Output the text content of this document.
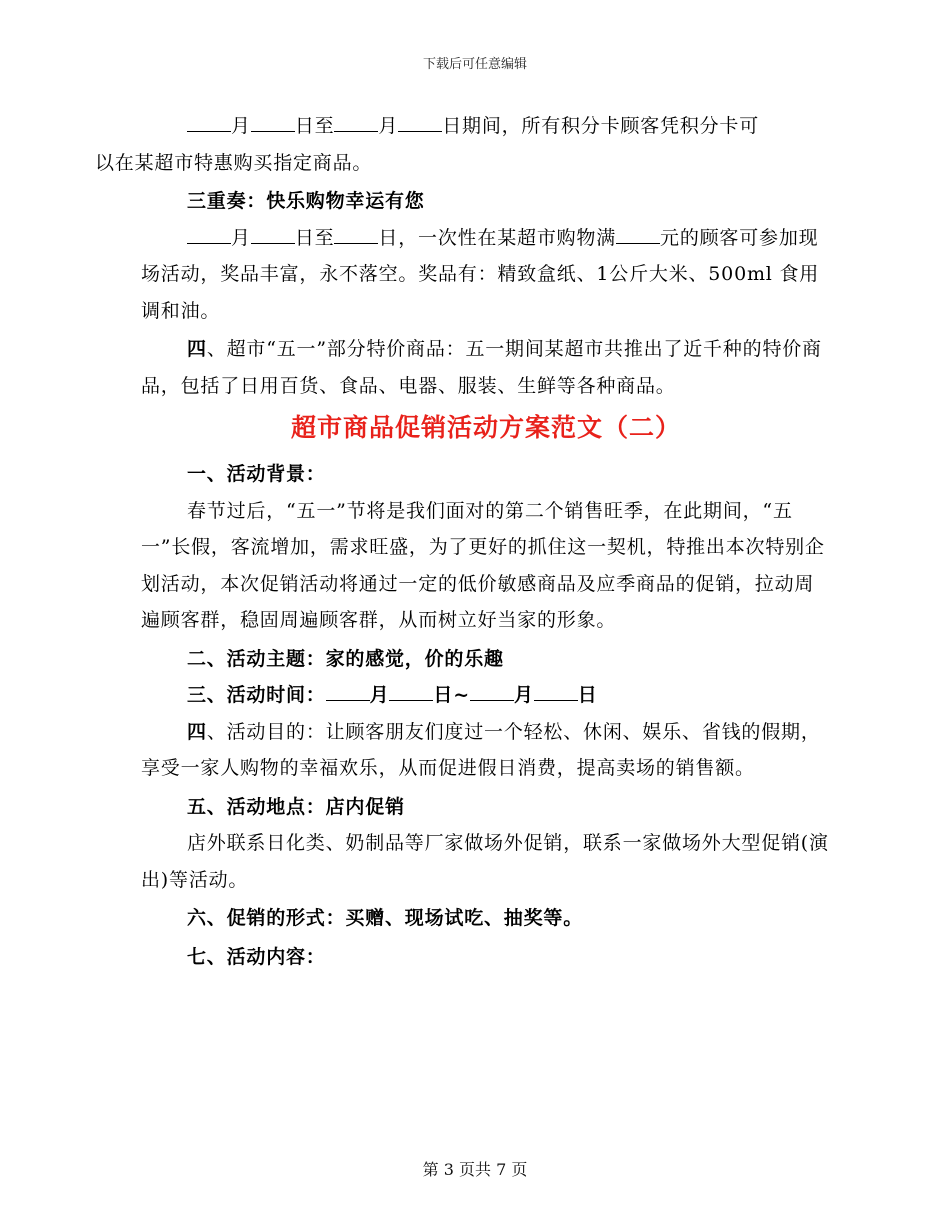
下载后可任意编辑

月 日至 月 日期间，所有积分卡顾客凭积分卡可
以在某超市特惠购买指定商品。

三重奏：快乐购物幸运有您

月 日至 日，一次性在某超市购物满 元的顾客可参加现场活动，奖品丰富，永不落空。奖品有：精致盒纸、1公斤大米、500ml 食用调和油。

四、超市“五一”部分特价商品：五一期间某超市共推出了近千种的特价商品，包括了日用百货、食品、电器、服装、生鲜等各种商品。

超市商品促销活动方案范文（二）

一、活动背景：

春节过后，“五一”节将是我们面对的第二个销售旺季，在此期间，“五一”长假，客流增加，需求旺盛，为了更好的抓住这一契机，特推出本次特别企划活动，本次促销活动将通过一定的低价敏感商品及应季商品的促销，拉动周遍顾客群，稳固周遍顾客群，从而树立好当家的形象。

二、活动主题：家的感觉，价的乐趣

三、活动时间： 月 日~ 月 日

四、活动目的：让顾客朋友们度过一个轻松、休闲、娱乐、省钱的假期，享受一家人购物的幸福欢乐，从而促进假日消费，提高卖场的销售额。

五、活动地点：店内促销

店外联系日化类、奶制品等厂家做场外促销，联系一家做场外大型促销(演出)等活动。

六、促销的形式：买赠、现场试吃、抽奖等。

七、活动内容：

第 3 页共 7 页
